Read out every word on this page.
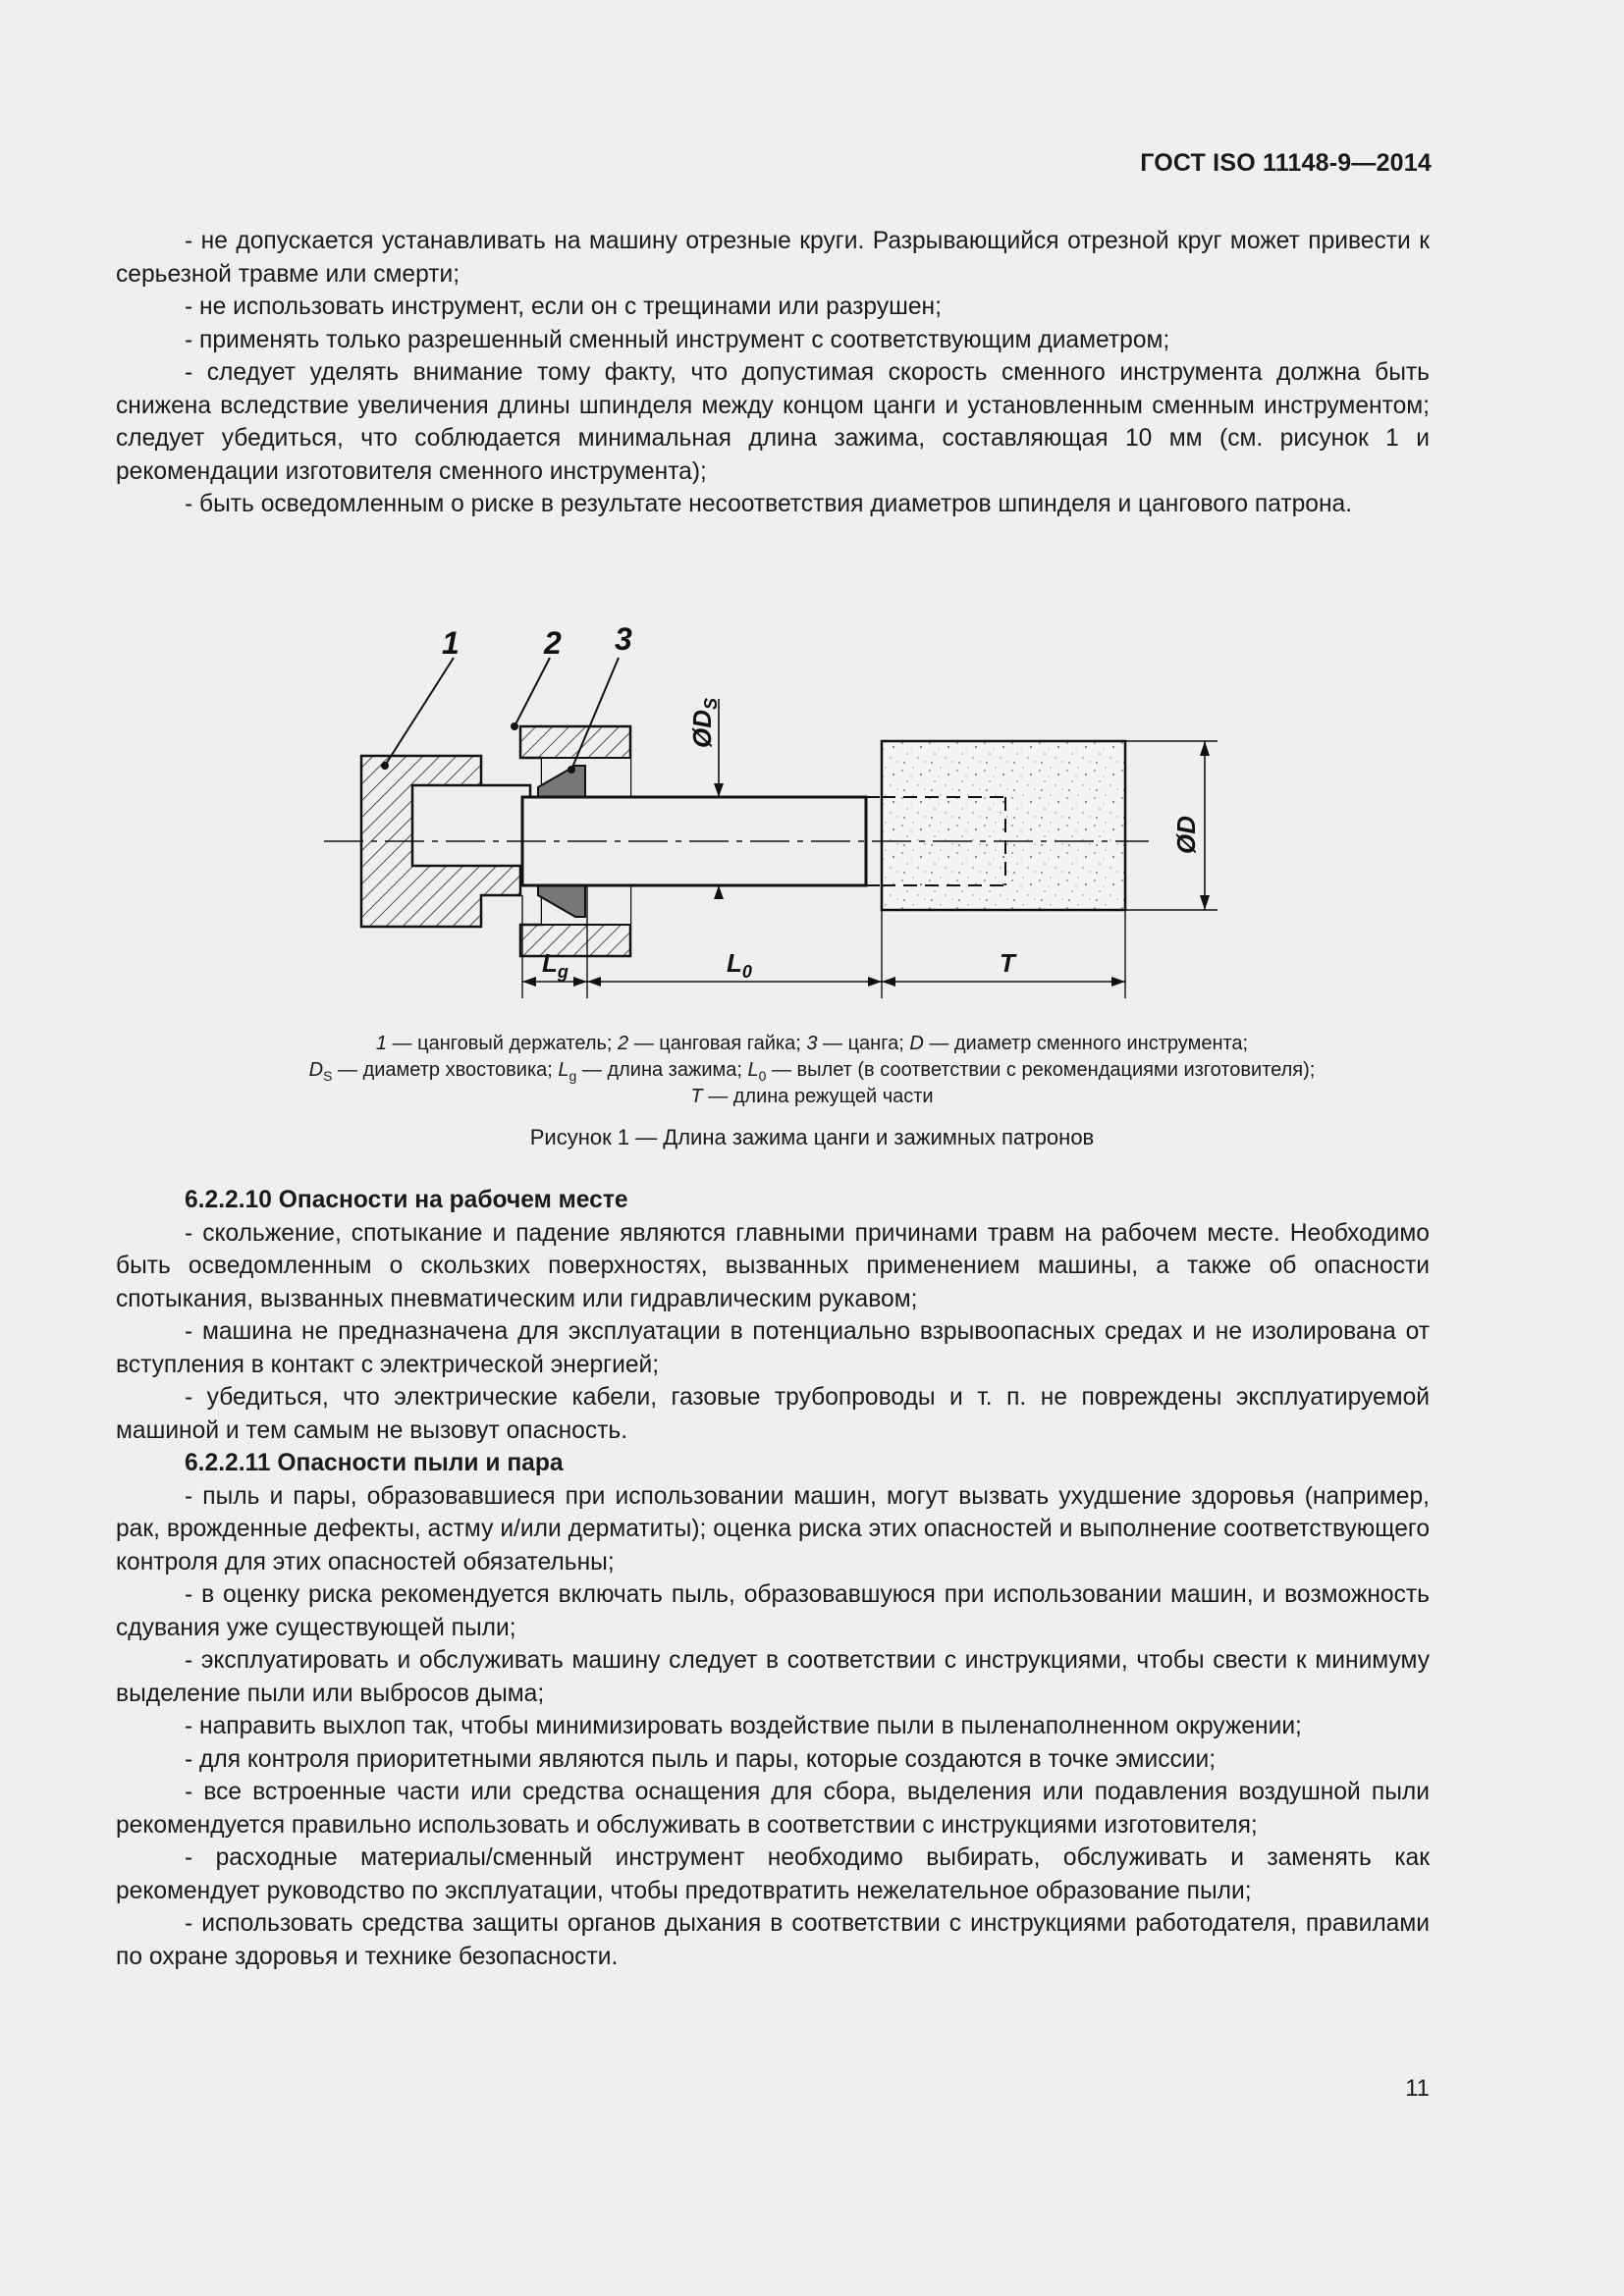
ГОСТ ISO 11148-9—2014

- не допускается устанавливать на машину отрезные круги. Разрывающийся отрезной круг может привести к серьезной травме или смерти;

- не использовать инструмент, если он с трещинами или разрушен;

- применять только разрешенный сменный инструмент с соответствующим диаметром;

- следует уделять внимание тому факту, что допустимая скорость сменного инструмента должна быть снижена вследствие увеличения длины шпинделя между концом цанги и установленным сменным инструментом; следует убедиться, что соблюдается минимальная длина зажима, составляющая 10 мм (см. рисунок 1 и рекомендации изготовителя сменного инструмента);

- быть осведомленным о риске в результате несоответствия диаметров шпинделя и цангового патрона.

1	2 3
$ØD_S$
ØD
$L_g$	$L_0$	T
1 — цанговый держатель; 2 — цанговая гайка; 3 — цанга; D — диаметр сменного инструмента;
$D_S$ — диаметр хвостовика; $L_g$ — длина зажима; $L_0$ — вылет (в соответствии с рекомендациями изготовителя);
T — длина режущей части
Рисунок 1 — Длина зажима цанги и зажимных патронов

6.2.2.10 Опасности на рабочем месте

- скольжение, спотыкание и падение являются главными причинами травм на рабочем месте. Необходимо быть осведомленным о скользких поверхностях, вызванных применением машины, а также об опасности спотыкания, вызванных пневматическим или гидравлическим рукавом;

- машина не предназначена для эксплуатации в потенциально взрывоопасных средах и не изолирована от вступления в контакт с электрической энергией;

- убедиться, что электрические кабели, газовые трубопроводы и т. п. не повреждены эксплуатируемой машиной и тем самым не вызовут опасность.

6.2.2.11 Опасности пыли и пара

- пыль и пары, образовавшиеся при использовании машин, могут вызвать ухудшение здоровья (например, рак, врожденные дефекты, астму и/или дерматиты); оценка риска этих опасностей и выполнение соответствующего контроля для этих опасностей обязательны;

- в оценку риска рекомендуется включать пыль, образовавшуюся при использовании машин, и возможность сдувания уже существующей пыли;

- эксплуатировать и обслуживать машину следует в соответствии с инструкциями, чтобы свести к минимуму выделение пыли или выбросов дыма;

- направить выхлоп так, чтобы минимизировать воздействие пыли в пыленаполненном окружении;

- для контроля приоритетными являются пыль и пары, которые создаются в точке эмиссии;

- все встроенные части или средства оснащения для сбора, выделения или подавления воздушной пыли рекомендуется правильно использовать и обслуживать в соответствии с инструкциями изготовителя;

- расходные материалы/сменный инструмент необходимо выбирать, обслуживать и заменять как рекомендует руководство по эксплуатации, чтобы предотвратить нежелательное образование пыли;

- использовать средства защиты органов дыхания в соответствии с инструкциями работодателя, правилами по охране здоровья и технике безопасности.

11
